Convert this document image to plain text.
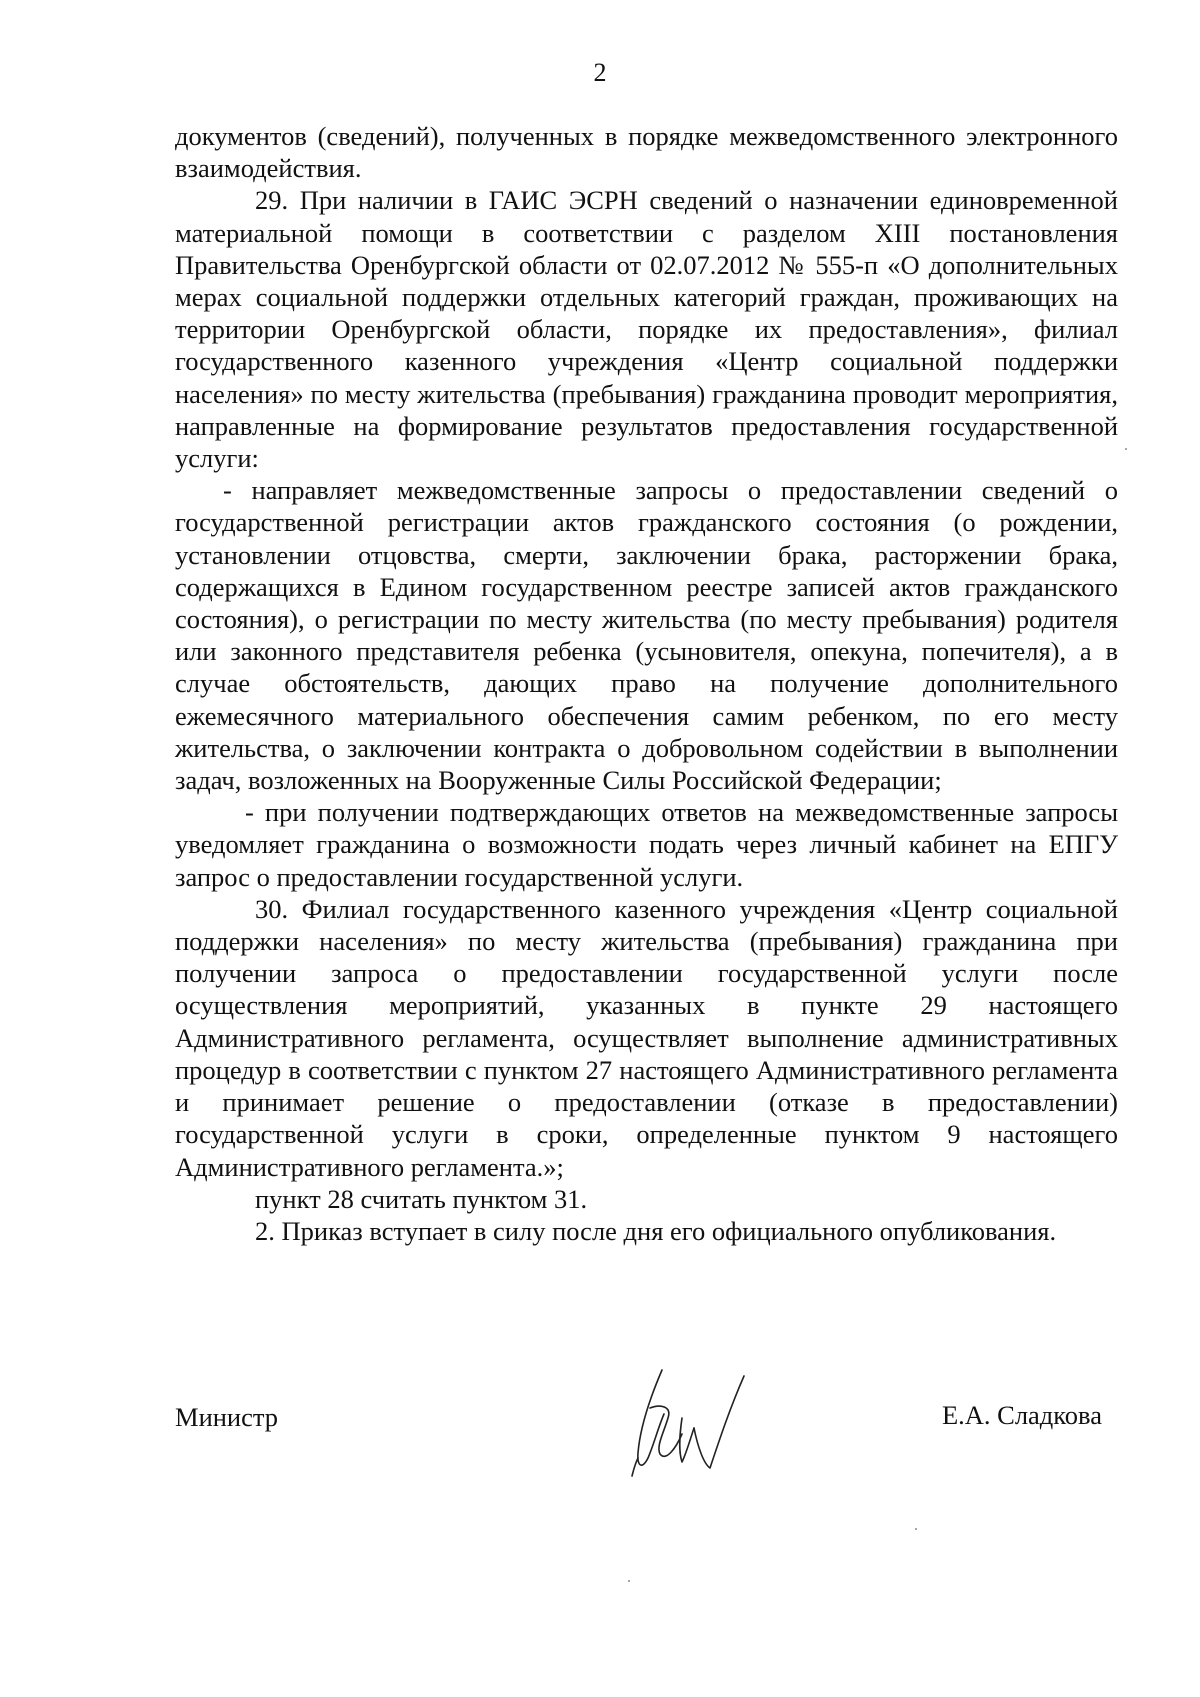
2

документов (сведений), полученных в порядке межведомственного электронного взаимодействия.

29. При наличии в ГАИС ЭСРН сведений о назначении единовременной материальной помощи в соответствии с разделом XIII постановления Правительства Оренбургской области от 02.07.2012 № 555-п «О дополнительных мерах социальной поддержки отдельных категорий граждан, проживающих на территории Оренбургской области, порядке их предоставления», филиал государственного казенного учреждения «Центр социальной поддержки населения» по месту жительства (пребывания) гражданина проводит мероприятия, направленные на формирование результатов предоставления государственной услуги:

- направляет межведомственные запросы о предоставлении сведений о государственной регистрации актов гражданского состояния (о рождении, установлении отцовства, смерти, заключении брака, расторжении брака, содержащихся в Едином государственном реестре записей актов гражданского состояния), о регистрации по месту жительства (по месту пребывания) родителя или законного представителя ребенка (усыновителя, опекуна, попечителя), а в случае обстоятельств, дающих право на получение дополнительного ежемесячного материального обеспечения самим ребенком, по его месту жительства, о заключении контракта о добровольном содействии в выполнении задач, возложенных на Вооруженные Силы Российской Федерации;

- при получении подтверждающих ответов на межведомственные запросы уведомляет гражданина о возможности подать через личный кабинет на ЕПГУ запрос о предоставлении государственной услуги.

30. Филиал государственного казенного учреждения «Центр социальной поддержки населения» по месту жительства (пребывания) гражданина при получении запроса о предоставлении государственной услуги после осуществления мероприятий, указанных в пункте 29 настоящего Административного регламента, осуществляет выполнение административных процедур в соответствии с пунктом 27 настоящего Административного регламента и принимает решение о предоставлении (отказе в предоставлении) государственной услуги в сроки, определенные пунктом 9 настоящего Административного регламента.»;

пункт 28 считать пунктом 31.

2. Приказ вступает в силу после дня его официального опубликования.

Министр	Е.А. Сладкова
